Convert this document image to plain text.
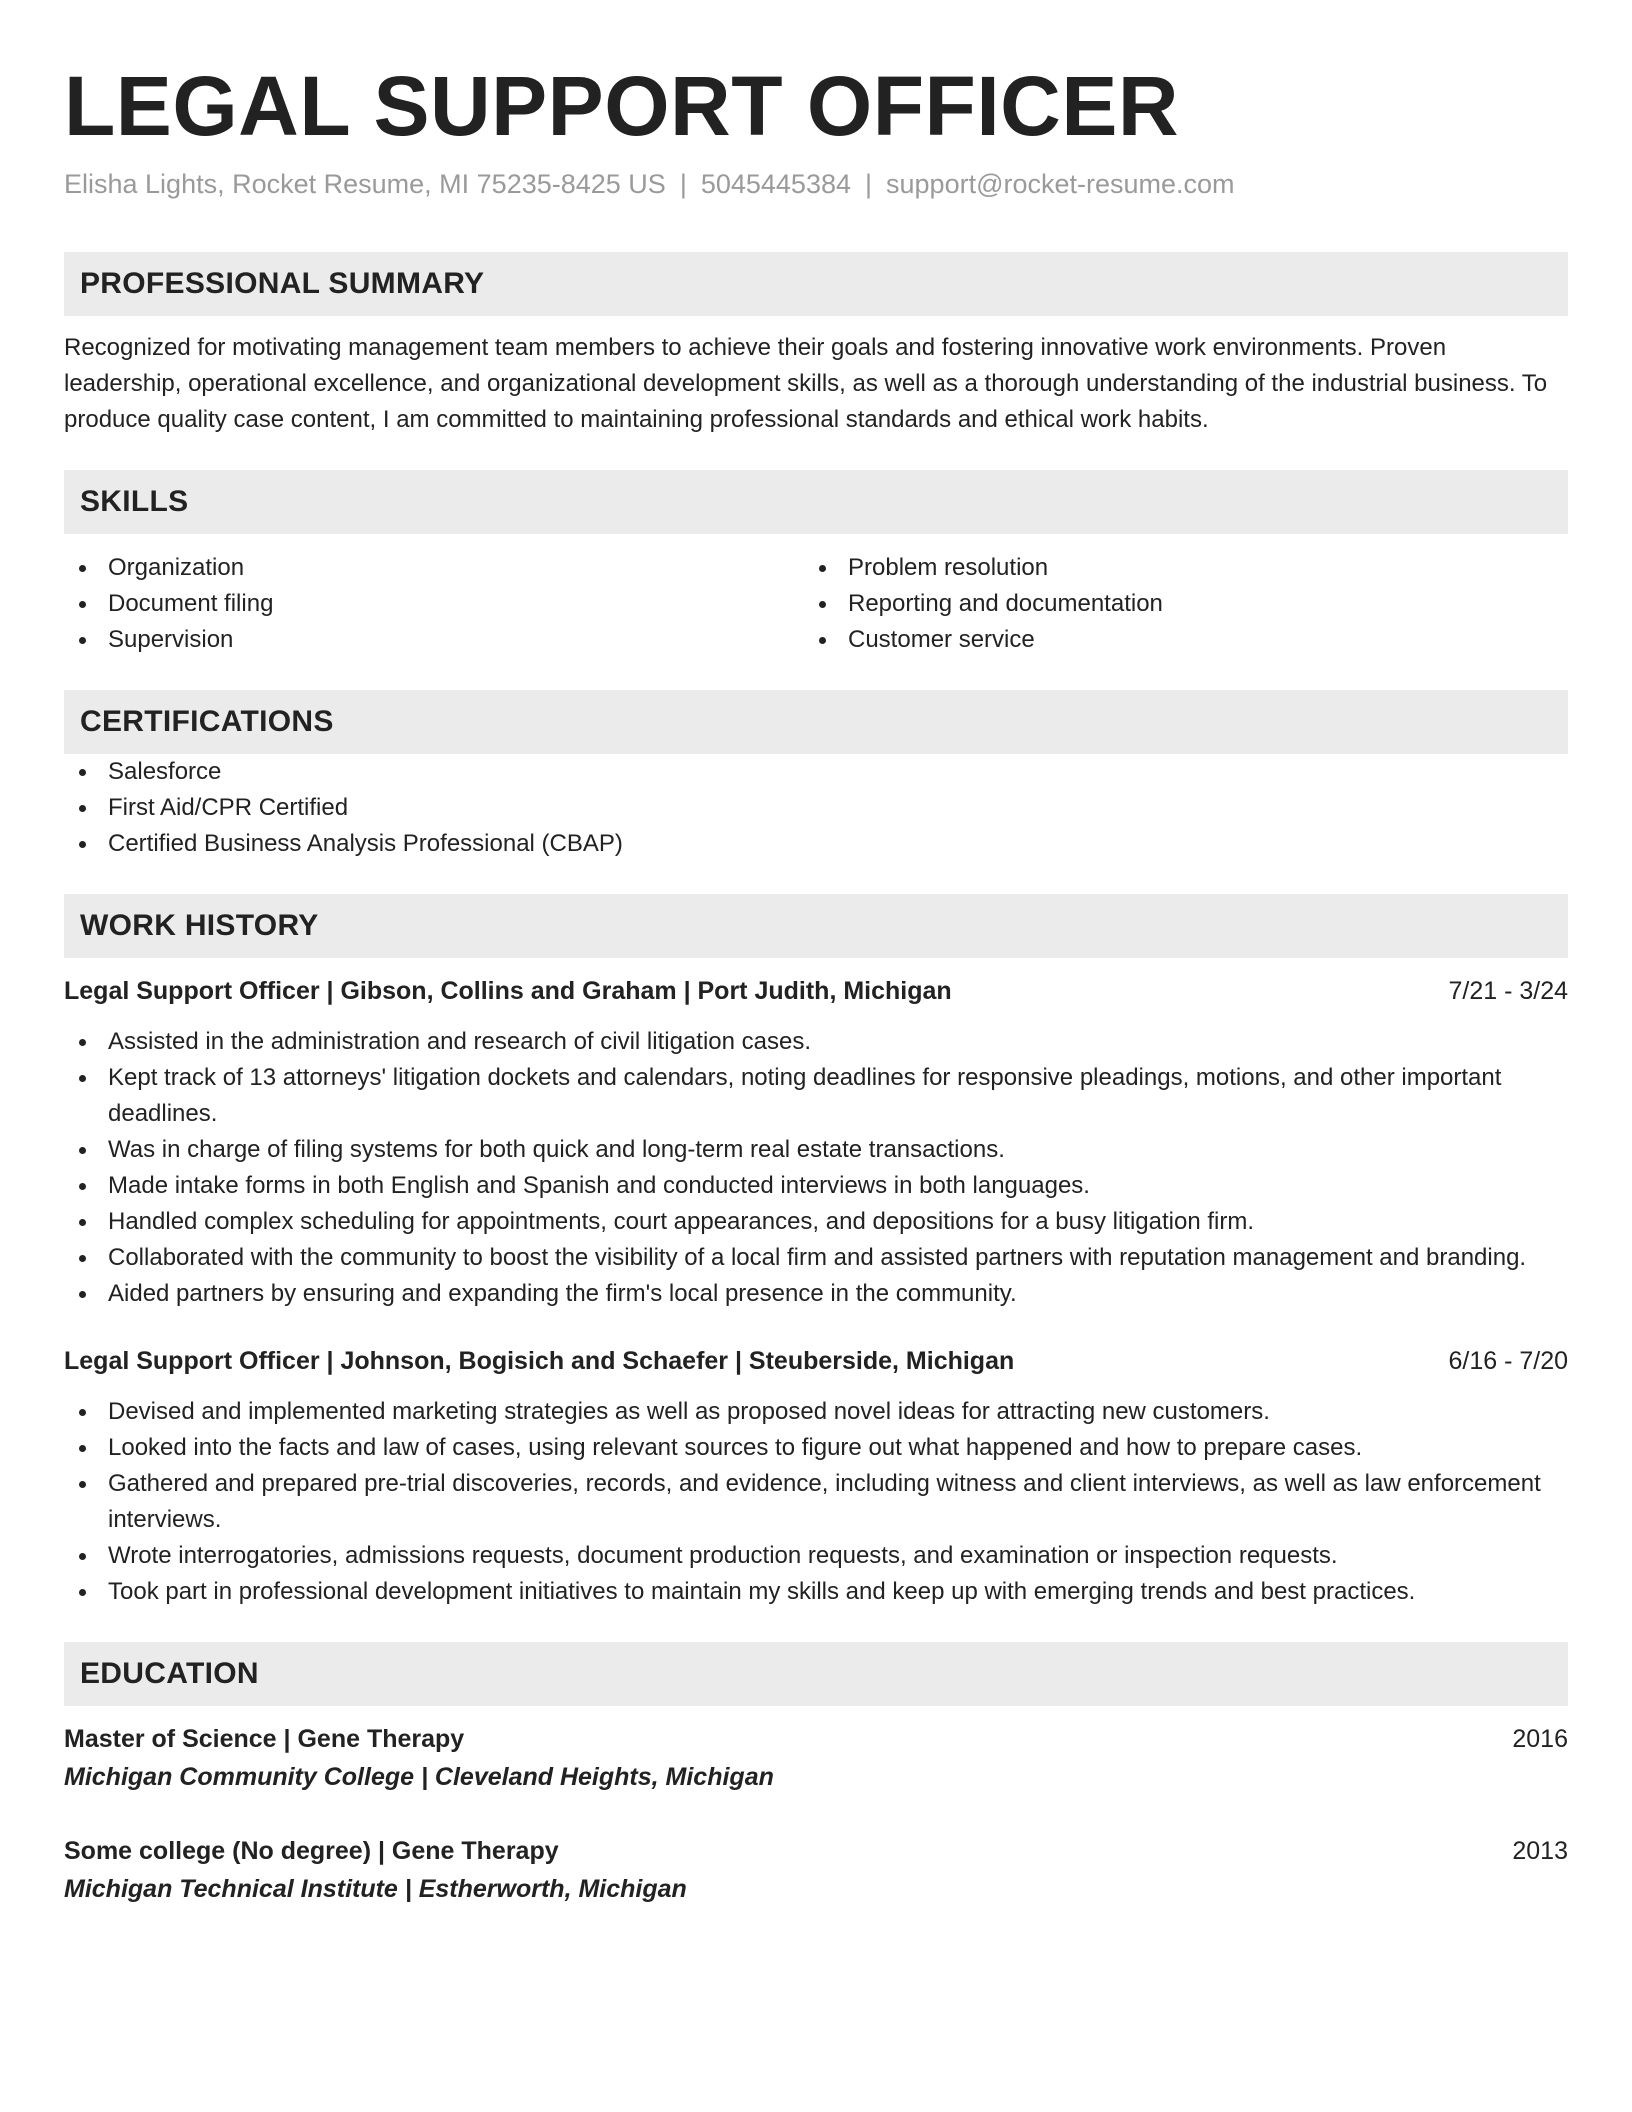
LEGAL SUPPORT OFFICER
Elisha Lights, Rocket Resume, MI 75235-8425 US | 5045445384 | support@rocket-resume.com
PROFESSIONAL SUMMARY
Recognized for motivating management team members to achieve their goals and fostering innovative work environments. Proven leadership, operational excellence, and organizational development skills, as well as a thorough understanding of the industrial business. To produce quality case content, I am committed to maintaining professional standards and ethical work habits.
SKILLS
Organization
Document filing
Supervision
Problem resolution
Reporting and documentation
Customer service
CERTIFICATIONS
Salesforce
First Aid/CPR Certified
Certified Business Analysis Professional (CBAP)
WORK HISTORY
Legal Support Officer | Gibson, Collins and Graham | Port Judith, Michigan	7/21 - 3/24
Assisted in the administration and research of civil litigation cases.
Kept track of 13 attorneys' litigation dockets and calendars, noting deadlines for responsive pleadings, motions, and other important deadlines.
Was in charge of filing systems for both quick and long-term real estate transactions.
Made intake forms in both English and Spanish and conducted interviews in both languages.
Handled complex scheduling for appointments, court appearances, and depositions for a busy litigation firm.
Collaborated with the community to boost the visibility of a local firm and assisted partners with reputation management and branding.
Aided partners by ensuring and expanding the firm's local presence in the community.
Legal Support Officer | Johnson, Bogisich and Schaefer | Steuberside, Michigan	6/16 - 7/20
Devised and implemented marketing strategies as well as proposed novel ideas for attracting new customers.
Looked into the facts and law of cases, using relevant sources to figure out what happened and how to prepare cases.
Gathered and prepared pre-trial discoveries, records, and evidence, including witness and client interviews, as well as law enforcement interviews.
Wrote interrogatories, admissions requests, document production requests, and examination or inspection requests.
Took part in professional development initiatives to maintain my skills and keep up with emerging trends and best practices.
EDUCATION
Master of Science | Gene Therapy	2016
Michigan Community College | Cleveland Heights, Michigan
Some college (No degree) | Gene Therapy	2013
Michigan Technical Institute | Estherworth, Michigan
